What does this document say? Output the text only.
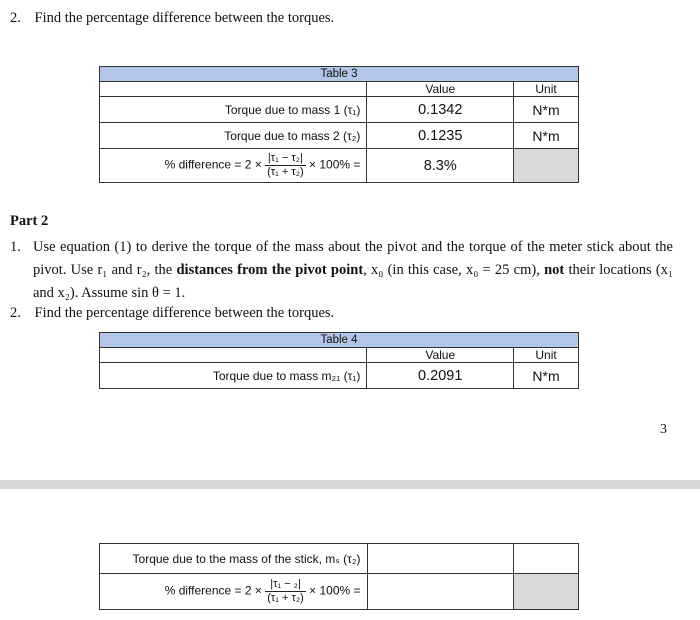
2. Find the percentage difference between the torques.
Table 3		
	Value	Unit
Torque due to mass 1 (τ₁)	0.1342	N*m
Torque due to mass 2 (τ₂)	0.1235	N*m
% difference = $2 \times \frac{\text{|τ₁ − τ₂|}}{\text{(τ₁ + τ₂)}} \times 100\%$ =	8.3%	
Part 2
1. Use equation (1) to derive the torque of the mass about the pivot and the torque of the meter stick about the pivot. Use r₁ and r₂, the distances from the pivot point, x₀ (in this case, x₀ = 25 cm), not their locations (x₁ and x₂). Assume sin θ = 1.
2. Find the percentage difference between the torques.
Table 4		
	Value	Unit
Torque due to mass m₂₁ (τ₁)	0.2091	N*m
3
Torque due to the mass of the stick, mₛ (τ₂)		
% difference = $2 \times \frac{\text{|τ₁ − ₂|}}{\text{(τ₁ + τ₂)}} \times 100\%$ =		
